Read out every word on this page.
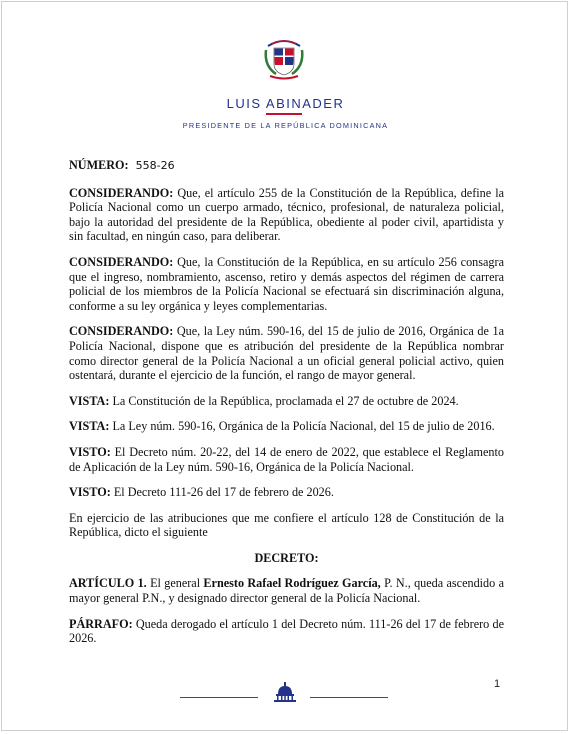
LUIS ABINADER
PRESIDENTE DE LA REPÚBLICA DOMINICANA
NÚMERO: 558-26
CONSIDERANDO: Que, el artículo 255 de la Constitución de la República, define la Policía Nacional como un cuerpo armado, técnico, profesional, de naturaleza policial, bajo la autoridad del presidente de la República, obediente al poder civil, apartidista y sin facultad, en ningún caso, para deliberar.
CONSIDERANDO: Que, la Constitución de la República, en su artículo 256 consagra que el ingreso, nombramiento, ascenso, retiro y demás aspectos del régimen de carrera policial de los miembros de la Policía Nacional se efectuará sin discriminación alguna, conforme a su ley orgánica y leyes complementarias.
CONSIDERANDO: Que, la Ley núm. 590-16, del 15 de julio de 2016, Orgánica de 1a Policía Nacional, dispone que es atribución del presidente de la República nombrar como director general de la Policía Nacional a un oficial general policial activo, quien ostentará, durante el ejercicio de la función, el rango de mayor general.
VISTA: La Constitución de la República, proclamada el 27 de octubre de 2024.
VISTA: La Ley núm. 590-16, Orgánica de la Policía Nacional, del 15 de julio de 2016.
VISTO: El Decreto núm. 20-22, del 14 de enero de 2022, que establece el Reglamento de Aplicación de la Ley núm. 590-16, Orgánica de la Policía Nacional.
VISTO: El Decreto 111-26 del 17 de febrero de 2026.
En ejercicio de las atribuciones que me confiere el artículo 128 de Constitución de la República, dicto el siguiente
DECRETO:
ARTÍCULO 1. El general Ernesto Rafael Rodríguez García, P. N., queda ascendido a mayor general P.N., y designado director general de la Policía Nacional.
PÁRRAFO: Queda derogado el artículo 1 del Decreto núm. 111-26 del 17 de febrero de 2026.
1
